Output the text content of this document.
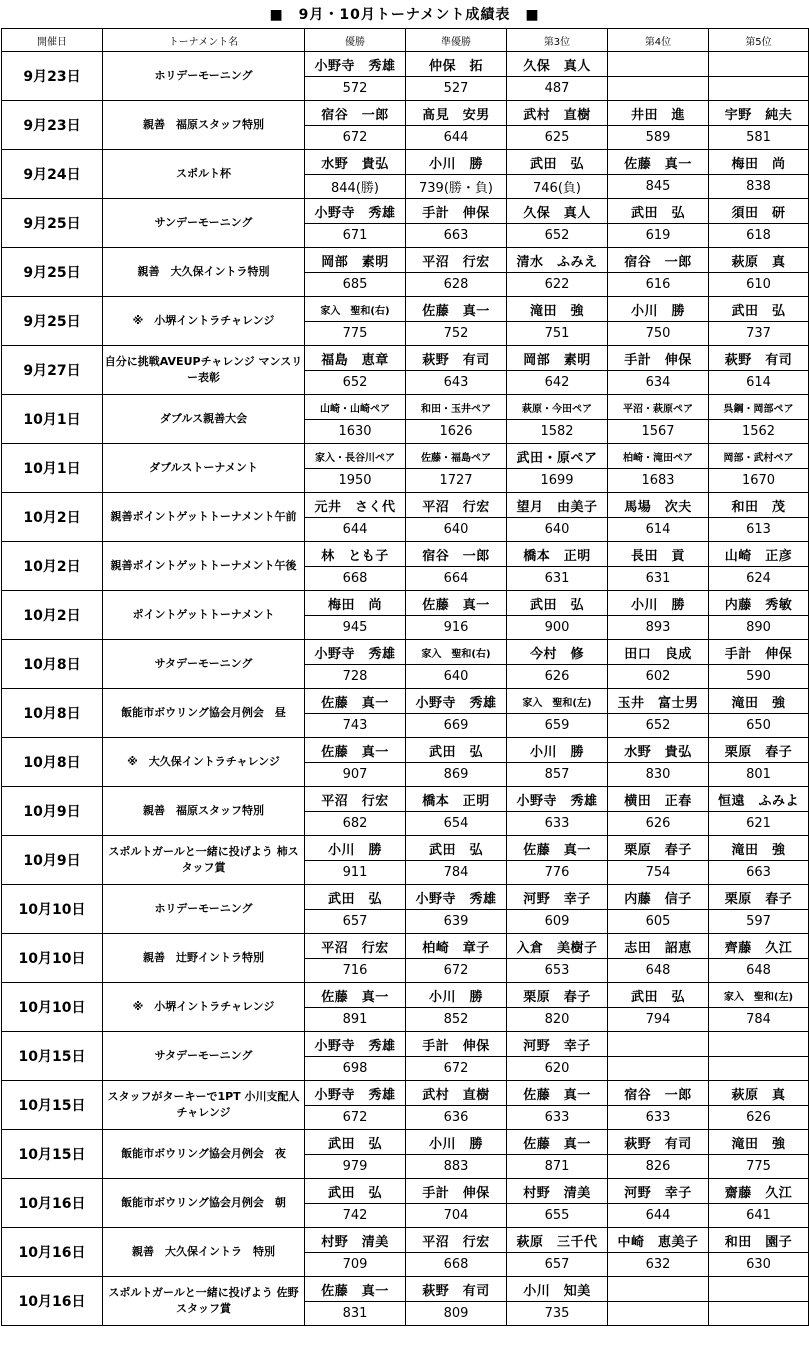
■　9月・10月トーナメント成績表　■
開催日	トーナメント名	優勝	準優勝	第3位	第4位	第5位
9月23日	ホリデーモーニング	小野寺　秀雄	仲保　拓	久保　真人		
		572	527	487		
9月23日	親善　福原スタッフ特別	宿谷　一郎	髙見　安男	武村　直樹	井田　進	宇野　純夫
		672	644	625	589	581
9月24日	スポルト杯	水野　貴弘	小川　勝	武田　弘	佐藤　真一	梅田　尚
		844(勝)	739(勝・負)	746(負)	845	838
9月25日	サンデーモーニング	小野寺　秀雄	手計　伸保	久保　真人	武田　弘	須田　研
		671	663	652	619	618
9月25日	親善　大久保イントラ特別	岡部　素明	平沼　行宏	清水　ふみえ	宿谷　一郎	萩原　真
		685	628	622	616	610
9月25日	※　小堺イントラチャレンジ	家入　聖和(右)	佐藤　真一	滝田　強	小川　勝	武田　弘
		775	752	751	750	737
9月27日	自分に挑戦AVEUPチャレンジ マンスリー表彰	福島　恵章	萩野　有司	岡部　素明	手計　伸保	萩野　有司
		652	643	642	634	614
10月1日	ダブルス親善大会	山崎・山崎ペア	和田・玉井ペア	萩原・今田ペア	平沼・萩原ペア	呉鋼・岡部ペア
		1630	1626	1582	1567	1562
10月1日	ダブルストーナメント	家入・長谷川ペア	佐藤・福島ペア	武田・原ペア	柏崎・滝田ペア	岡部・武村ペア
		1950	1727	1699	1683	1670
10月2日	親善ポイントゲットトーナメント午前	元井　さく代	平沼　行宏	望月　由美子	馬場　次夫	和田　茂
		644	640	640	614	613
10月2日	親善ポイントゲットトーナメント午後	林　とも子	宿谷　一郎	橋本　正明	長田　貢	山崎　正彦
		668	664	631	631	624
10月2日	ポイントゲットトーナメント	梅田　尚	佐藤　真一	武田　弘	小川　勝	内藤　秀敏
		945	916	900	893	890
10月8日	サタデーモーニング	小野寺　秀雄	家入　聖和(右)	今村　修	田口　良成	手計　伸保
		728	640	626	602	590
10月8日	飯能市ボウリング協会月例会　昼	佐藤　真一	小野寺　秀雄	家入　聖和(左)	玉井　富士男	滝田　強
		743	669	659	652	650
10月8日	※　大久保イントラチャレンジ	佐藤　真一	武田　弘	小川　勝	水野　貴弘	栗原　春子
		907	869	857	830	801
10月9日	親善　福原スタッフ特別	平沼　行宏	橋本　正明	小野寺　秀雄	横田　正春	恒遠　ふみよ
		682	654	633	626	621
10月9日	スポルトガールと一緒に投げよう 柿スタッフ賞	小川　勝	武田　弘	佐藤　真一	栗原　春子	滝田　強
		911	784	776	754	663
10月10日	ホリデーモーニング	武田　弘	小野寺　秀雄	河野　幸子	内藤　信子	栗原　春子
		657	639	609	605	597
10月10日	親善　辻野イントラ特別	平沼　行宏	柏崎　章子	入倉　美樹子	志田　詔恵	齊藤　久江
		716	672	653	648	648
10月10日	※　小堺イントラチャレンジ	佐藤　真一	小川　勝	栗原　春子	武田　弘	家入　聖和(左)
		891	852	820	794	784
10月15日	サタデーモーニング	小野寺　秀雄	手計　伸保	河野　幸子		
		698	672	620		
10月15日	スタッフがターキーで1PT 小川支配人チャレンジ	小野寺　秀雄	武村　直樹	佐藤　真一	宿谷　一郎	萩原　真
		672	636	633	633	626
10月15日	飯能市ボウリング協会月例会　夜	武田　弘	小川　勝	佐藤　真一	萩野　有司	滝田　強
		979	883	871	826	775
10月16日	飯能市ボウリング協会月例会　朝	武田　弘	手計　伸保	村野　清美	河野　幸子	齋藤　久江
		742	704	655	644	641
10月16日	親善　大久保イントラ　特別	村野　清美	平沼　行宏	萩原　三千代	中崎　恵美子	和田　園子
		709	668	657	632	630
10月16日	スポルトガールと一緒に投げよう 佐野スタッフ賞	佐藤　真一	萩野　有司	小川　知美		
		831	809	735		
